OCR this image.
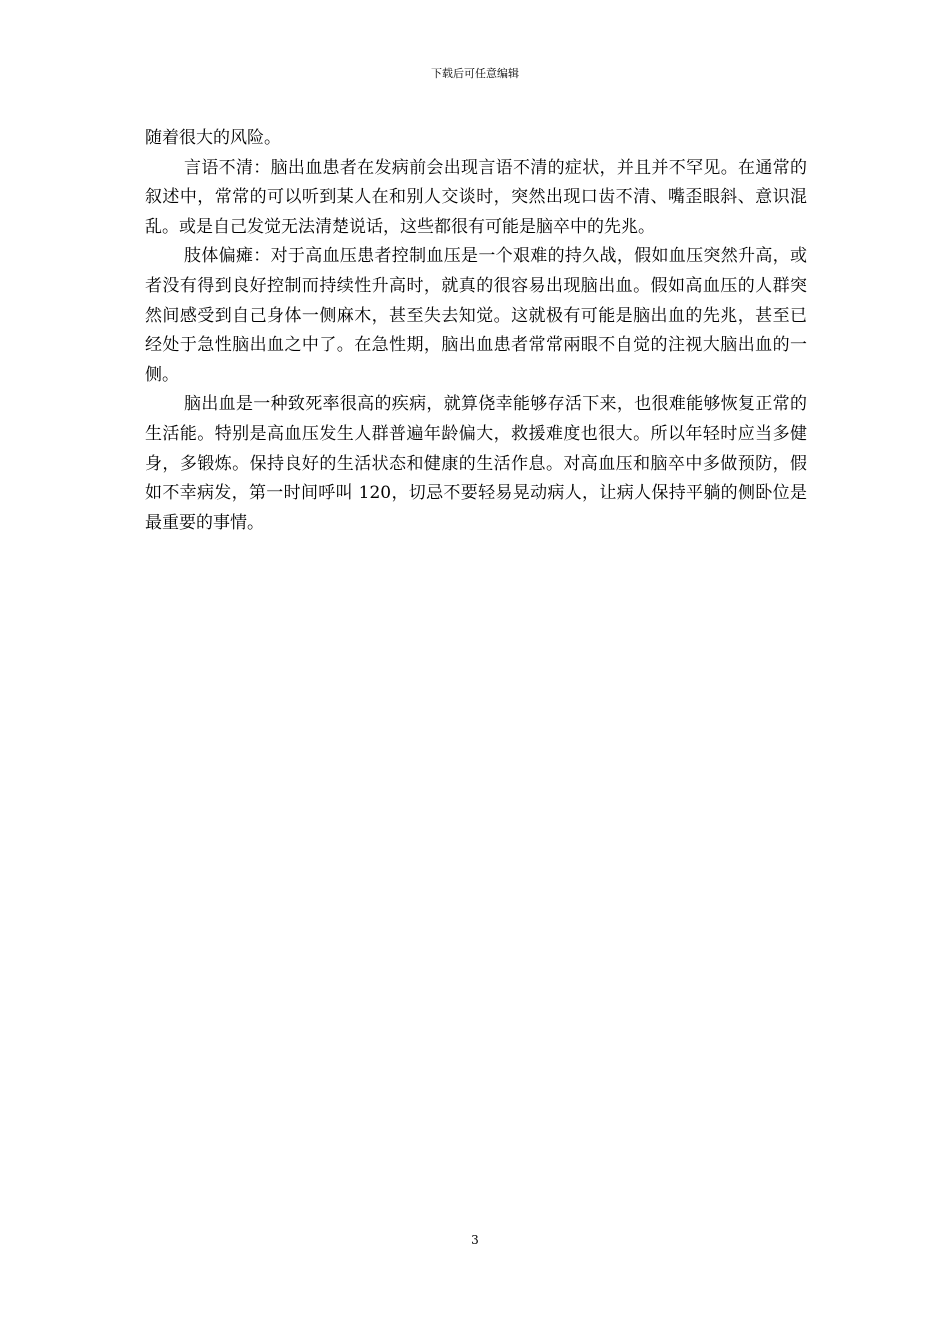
下载后可任意编辑

随着很大的风险。

言语不清：脑出血患者在发病前会出现言语不清的症状，并且并不罕见。在通常的叙述中，常常的可以听到某人在和别人交谈时，突然出现口齿不清、嘴歪眼斜、意识混乱。或是自己发觉无法清楚说话，这些都很有可能是脑卒中的先兆。

肢体偏瘫：对于高血压患者控制血压是一个艰难的持久战，假如血压突然升高，或者没有得到良好控制而持续性升高时，就真的很容易出现脑出血。假如高血压的人群突然间感受到自己身体一侧麻木，甚至失去知觉。这就极有可能是脑出血的先兆，甚至已经处于急性脑出血之中了。在急性期，脑出血患者常常兩眼不自觉的注视大脑出血的一侧。

脑出血是一种致死率很高的疾病，就算侥幸能够存活下来，也很难能够恢复正常的生活能。特别是高血压发生人群普遍年龄偏大，救援难度也很大。所以年轻时应当多健身，多锻炼。保持良好的生活状态和健康的生活作息。对高血压和脑卒中多做预防，假如不幸病发，第一时间呼叫 120，切忌不要轻易晃动病人，让病人保持平躺的侧卧位是最重要的事情。

3
